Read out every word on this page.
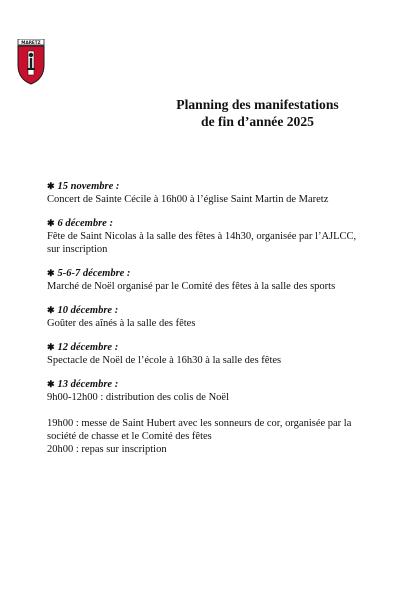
MARETZ
Planning des manifestations
de fin d’année 2025
✱ 15 novembre :
Concert de Sainte Cécile à 16h00 à l’église Saint Martin de Maretz
✱ 6 décembre :
Fête de Saint Nicolas à la salle des fêtes à 14h30, organisée par l’AJLCC,
sur inscription
✱ 5-6-7 décembre :
Marché de Noël organisé par le Comité des fêtes à la salle des sports
✱ 10 décembre :
Goûter des aînés à la salle des fêtes
✱ 12 décembre :
Spectacle de Noël de l’école à 16h30 à la salle des fêtes
✱ 13 décembre :
9h00-12h00 : distribution des colis de Noël
19h00 : messe de Saint Hubert avec les sonneurs de cor, organisée par la
société de chasse et le Comité des fêtes
20h00 : repas sur inscription
